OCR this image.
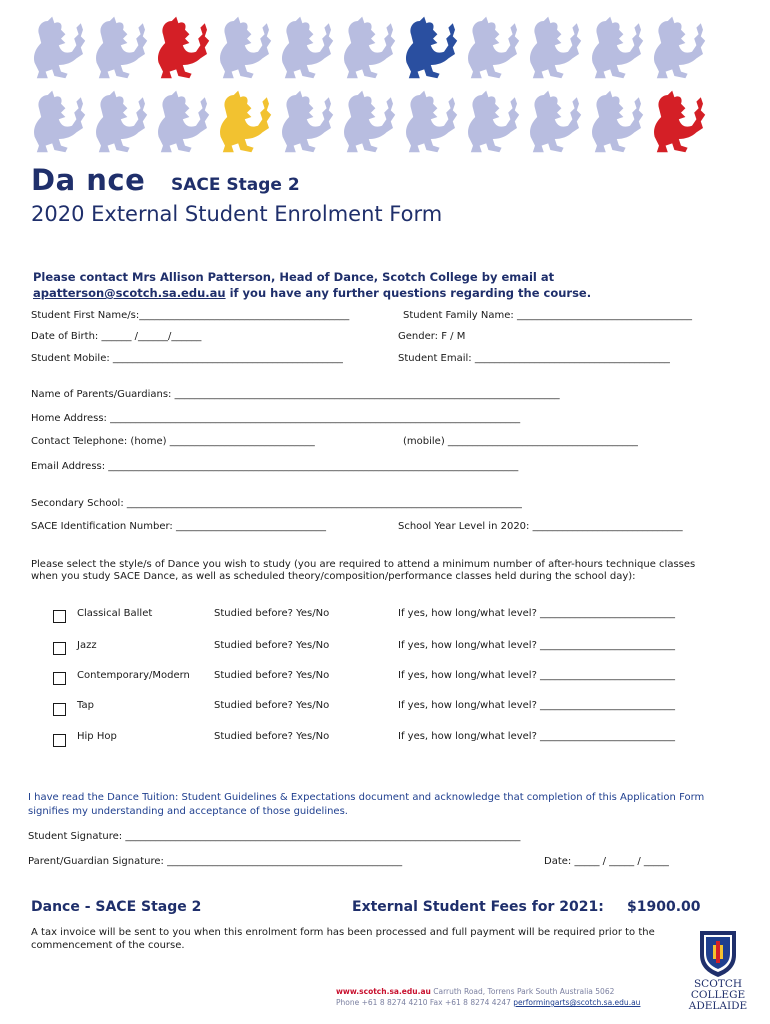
Da nce SACE Stage 2
2020 External Student Enrolment Form
Please contact Mrs Allison Patterson, Head of Dance, Scotch College by email at
apatterson@scotch.sa.edu.au if you have any further questions regarding the course.
Student First Name/s:__________________________________________	Student Family Name: ___________________________________
Date of Birth: ______ /______/______	Gender: F / M
Student Mobile: ______________________________________________	Student Email: _______________________________________
Name of Parents/Guardians: _____________________________________________________________________________
Home Address: __________________________________________________________________________________
Contact Telephone: (home) _____________________________	(mobile) ______________________________________
Email Address: __________________________________________________________________________________
Secondary School: _______________________________________________________________________________
SACE Identification Number: ______________________________	School Year Level in 2020: ______________________________
Please select the style/s of Dance you wish to study (you are required to attend a minimum number of after-hours technique classes
when you study SACE Dance, as well as scheduled theory/composition/performance classes held during the school day):
Classical Ballet	Studied before? Yes/No	If yes, how long/what level? ___________________________
Jazz	Studied before? Yes/No	If yes, how long/what level? ___________________________
Contemporary/Modern Studied before? Yes/No	If yes, how long/what level? ___________________________
Tap	Studied before? Yes/No	If yes, how long/what level? ___________________________
Hip Hop	Studied before? Yes/No	If yes, how long/what level? ___________________________
I have read the Dance Tuition: Student Guidelines & Expectations document and acknowledge that completion of this Application Form
signifies my understanding and acceptance of those guidelines.
Student Signature: _______________________________________________________________________________
Parent/Guardian Signature: _______________________________________________	Date: _____ / _____ / _____
Dance - SACE Stage 2	External Student Fees for 2021: $1900.00
A tax invoice will be sent to you when this enrolment form has been processed and full payment will be required prior to the
commencement of the course.
www.scotch.sa.edu.au Carruth Road, Torrens Park South Australia 5062
Phone +61 8 8274 4210 Fax +61 8 8274 4247 performingarts@scotch.sa.edu.au
SCOTCH
COLLEGE
ADELAIDE
